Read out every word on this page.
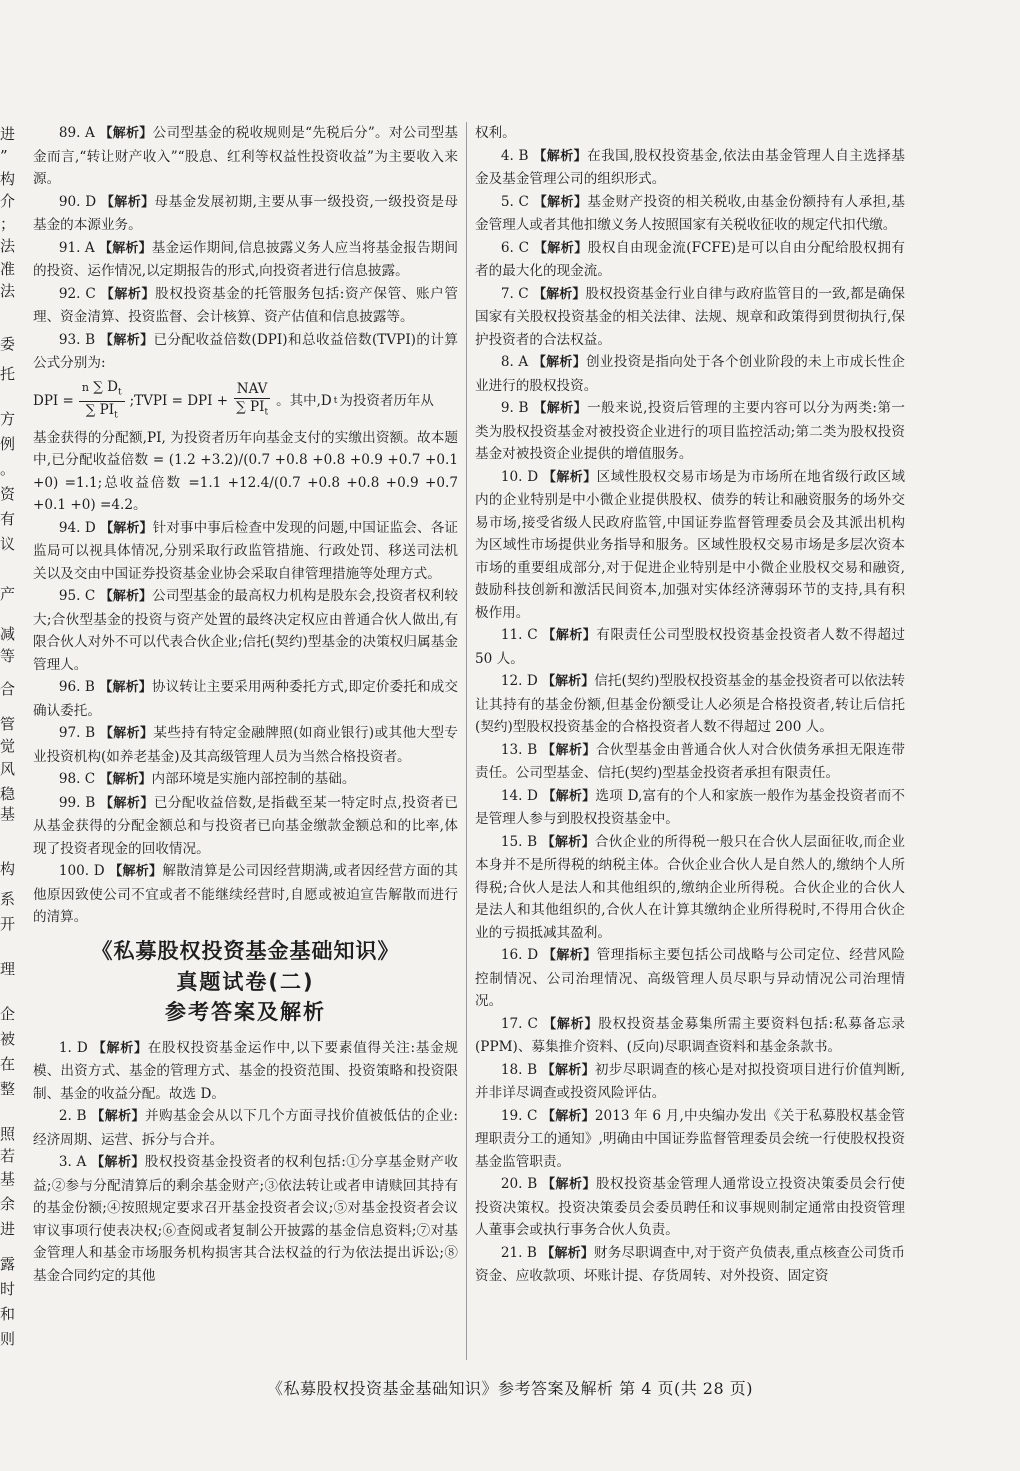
进
”
构
介
；
法
准
法
委
托
方
例
。
资
有
议
产
减
等
合
管
觉
风
稳
基
构
系
开
理
企
被
在
整
照
若
基
余
进
露
时
和
则

89. A 【解析】公司型基金的税收规则是“先税后分”。对公司型基金而言,“转让财产收入”“股息、红利等权益性投资收益”为主要收入来源。

90. D 【解析】母基金发展初期,主要从事一级投资,一级投资是母基金的本源业务。

91. A 【解析】基金运作期间,信息披露义务人应当将基金报告期间的投资、运作情况,以定期报告的形式,向投资者进行信息披露。

92. C 【解析】股权投资基金的托管服务包括:资产保管、账户管理、资金清算、投资监督、会计核算、资产估值和信息披露等。

93. B 【解析】已分配收益倍数(DPI)和总收益倍数(TVPI)的计算公式分别为:

DPI = $\frac{n \sum D_t}{\sum PI_t}$ ;TVPI = DPI + $\frac{\text{NAV}}{\sum PI_t}$ 。其中,D t 为投资者历年从

基金获得的分配额,PI, 为投资者历年向基金支付的实缴出资额。故本题中,已分配收益倍数 = (1.2 +3.2)/(0.7 +0.8 +0.8 +0.9 +0.7 +0.1 +0) =1.1;总收益倍数 =1.1 +12.4/(0.7 +0.8 +0.8 +0.9 +0.7 +0.1 +0) =4.2。

94. D 【解析】针对事中事后检查中发现的问题,中国证监会、各证监局可以视具体情况,分别采取行政监管措施、行政处罚、移送司法机关以及交由中国证券投资基金业协会采取自律管理措施等处理方式。

95. C 【解析】公司型基金的最高权力机构是股东会,投资者权利较大;合伙型基金的投资与资产处置的最终决定权应由普通合伙人做出,有限合伙人对外不可以代表合伙企业;信托(契约)型基金的决策权归属基金管理人。

96. B 【解析】协议转让主要采用两种委托方式,即定价委托和成交确认委托。

97. B 【解析】某些持有特定金融牌照(如商业银行)或其他大型专业投资机构(如养老基金)及其高级管理人员为当然合格投资者。

98. C 【解析】内部环境是实施内部控制的基础。

99. B 【解析】已分配收益倍数,是指截至某一特定时点,投资者已从基金获得的分配金额总和与投资者已向基金缴款金额总和的比率,体现了投资者现金的回收情况。

100. D 【解析】解散清算是公司因经营期满,或者因经营方面的其他原因致使公司不宜或者不能继续经营时,自愿或被迫宣告解散而进行的清算。

《私募股权投资基金基础知识》
真题试卷(二)
参考答案及解析

1. D 【解析】在股权投资基金运作中,以下要素值得关注:基金规模、出资方式、基金的管理方式、基金的投资范围、投资策略和投资限制、基金的收益分配。故选 D。

2. B 【解析】并购基金会从以下几个方面寻找价值被低估的企业:经济周期、运营、拆分与合并。

3. A 【解析】股权投资基金投资者的权利包括:①分享基金财产收益;②参与分配清算后的剩余基金财产;③依法转让或者申请赎回其持有的基金份额;④按照规定要求召开基金投资者会议;⑤对基金投资者会议审议事项行使表决权;⑥查阅或者复制公开披露的基金信息资料;⑦对基金管理人和基金市场服务机构损害其合法权益的行为依法提出诉讼;⑧基金合同约定的其他

权利。

4. B 【解析】在我国,股权投资基金,依法由基金管理人自主选择基金及基金管理公司的组织形式。

5. C 【解析】基金财产投资的相关税收,由基金份额持有人承担,基金管理人或者其他扣缴义务人按照国家有关税收征收的规定代扣代缴。

6. C 【解析】股权自由现金流(FCFE)是可以自由分配给股权拥有者的最大化的现金流。

7. C 【解析】股权投资基金行业自律与政府监管目的一致,都是确保国家有关股权投资基金的相关法律、法规、规章和政策得到贯彻执行,保护投资者的合法权益。

8. A 【解析】创业投资是指向处于各个创业阶段的未上市成长性企业进行的股权投资。

9. B 【解析】一般来说,投资后管理的主要内容可以分为两类:第一类为股权投资基金对被投资企业进行的项目监控活动;第二类为股权投资基金对被投资企业提供的增值服务。

10. D 【解析】区域性股权交易市场是为市场所在地省级行政区域内的企业特别是中小微企业提供股权、债券的转让和融资服务的场外交易市场,接受省级人民政府监管,中国证券监督管理委员会及其派出机构为区域性市场提供业务指导和服务。区域性股权交易市场是多层次资本市场的重要组成部分,对于促进企业特别是中小微企业股权交易和融资,鼓励科技创新和激活民间资本,加强对实体经济薄弱环节的支持,具有积极作用。

11. C 【解析】有限责任公司型股权投资基金投资者人数不得超过 50 人。

12. D 【解析】信托(契约)型股权投资基金的基金投资者可以依法转让其持有的基金份额,但基金份额受让人必须是合格投资者,转让后信托(契约)型股权投资基金的合格投资者人数不得超过 200 人。

13. B 【解析】合伙型基金由普通合伙人对合伙债务承担无限连带责任。公司型基金、信托(契约)型基金投资者承担有限责任。

14. D 【解析】选项 D,富有的个人和家族一般作为基金投资者而不是管理人参与到股权投资基金中。

15. B 【解析】合伙企业的所得税一般只在合伙人层面征收,而企业本身并不是所得税的纳税主体。合伙企业合伙人是自然人的,缴纳个人所得税;合伙人是法人和其他组织的,缴纳企业所得税。合伙企业的合伙人是法人和其他组织的,合伙人在计算其缴纳企业所得税时,不得用合伙企业的亏损抵减其盈利。

16. D 【解析】管理指标主要包括公司战略与公司定位、经营风险控制情况、公司治理情况、高级管理人员尽职与异动情况公司治理情况。

17. C 【解析】股权投资基金募集所需主要资料包括:私募备忘录(PPM)、募集推介资料、(反向)尽职调查资料和基金条款书。

18. B 【解析】初步尽职调查的核心是对拟投资项目进行价值判断,并非详尽调查或投资风险评估。

19. C 【解析】2013 年 6 月,中央编办发出《关于私募股权基金管理职责分工的通知》,明确由中国证券监督管理委员会统一行使股权投资基金监管职责。

20. B 【解析】股权投资基金管理人通常设立投资决策委员会行使投资决策权。投资决策委员会委员聘任和议事规则制定通常由投资管理人董事会或执行事务合伙人负责。

21. B 【解析】财务尽职调查中,对于资产负债表,重点核查公司货币资金、应收款项、坏账计提、存货周转、对外投资、固定资

《私募股权投资基金基础知识》参考答案及解析 第 4 页(共 28 页)
